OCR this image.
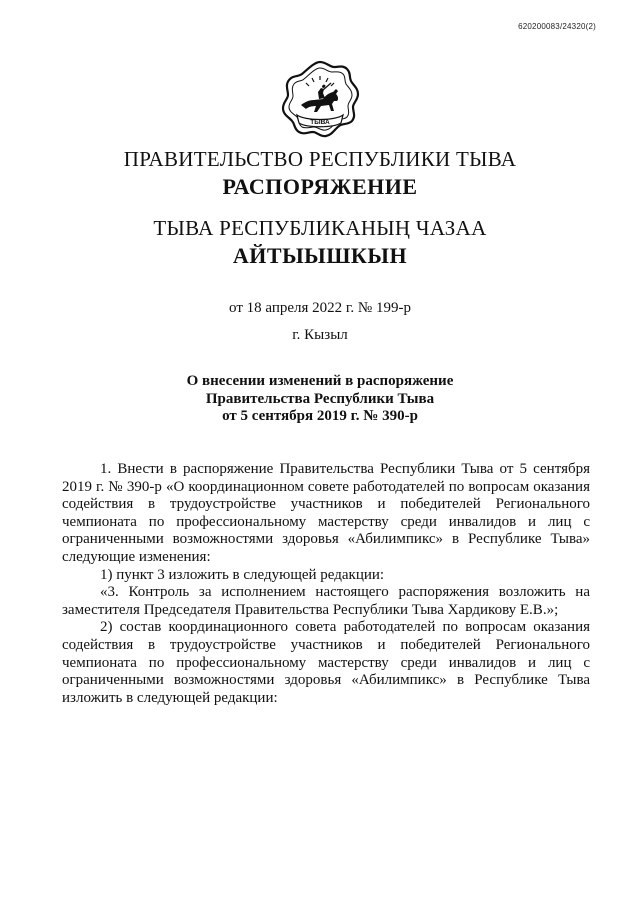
620200083/24320(2)
ТЫВА
ПРАВИТЕЛЬСТВО РЕСПУБЛИКИ ТЫВА
РАСПОРЯЖЕНИЕ
ТЫВА РЕСПУБЛИКАНЫҢ ЧАЗАА
АЙТЫЫШКЫН
от 18 апреля 2022 г. № 199-р
г. Кызыл
О внесении изменений в распоряжение
Правительства Республики Тыва
от 5 сентября 2019 г. № 390-р

1. Внести в распоряжение Правительства Республики Тыва от 5 сентября 2019 г. № 390-р «О координационном совете работодателей по вопросам оказания содействия в трудоустройстве участников и победителей Регионального чемпионата по профессиональному мастерству среди инвалидов и лиц с ограниченными возможностями здоровья «Абилимпикс» в Республике Тыва» следующие изменения:

1) пункт 3 изложить в следующей редакции:

«3. Контроль за исполнением настоящего распоряжения возложить на заместителя Председателя Правительства Республики Тыва Хардикову Е.В.»;

2) состав координационного совета работодателей по вопросам оказания содействия в трудоустройстве участников и победителей Регионального чемпионата по профессиональному мастерству среди инвалидов и лиц с ограниченными возможностями здоровья «Абилимпикс» в Республике Тыва изложить в следующей редакции:
